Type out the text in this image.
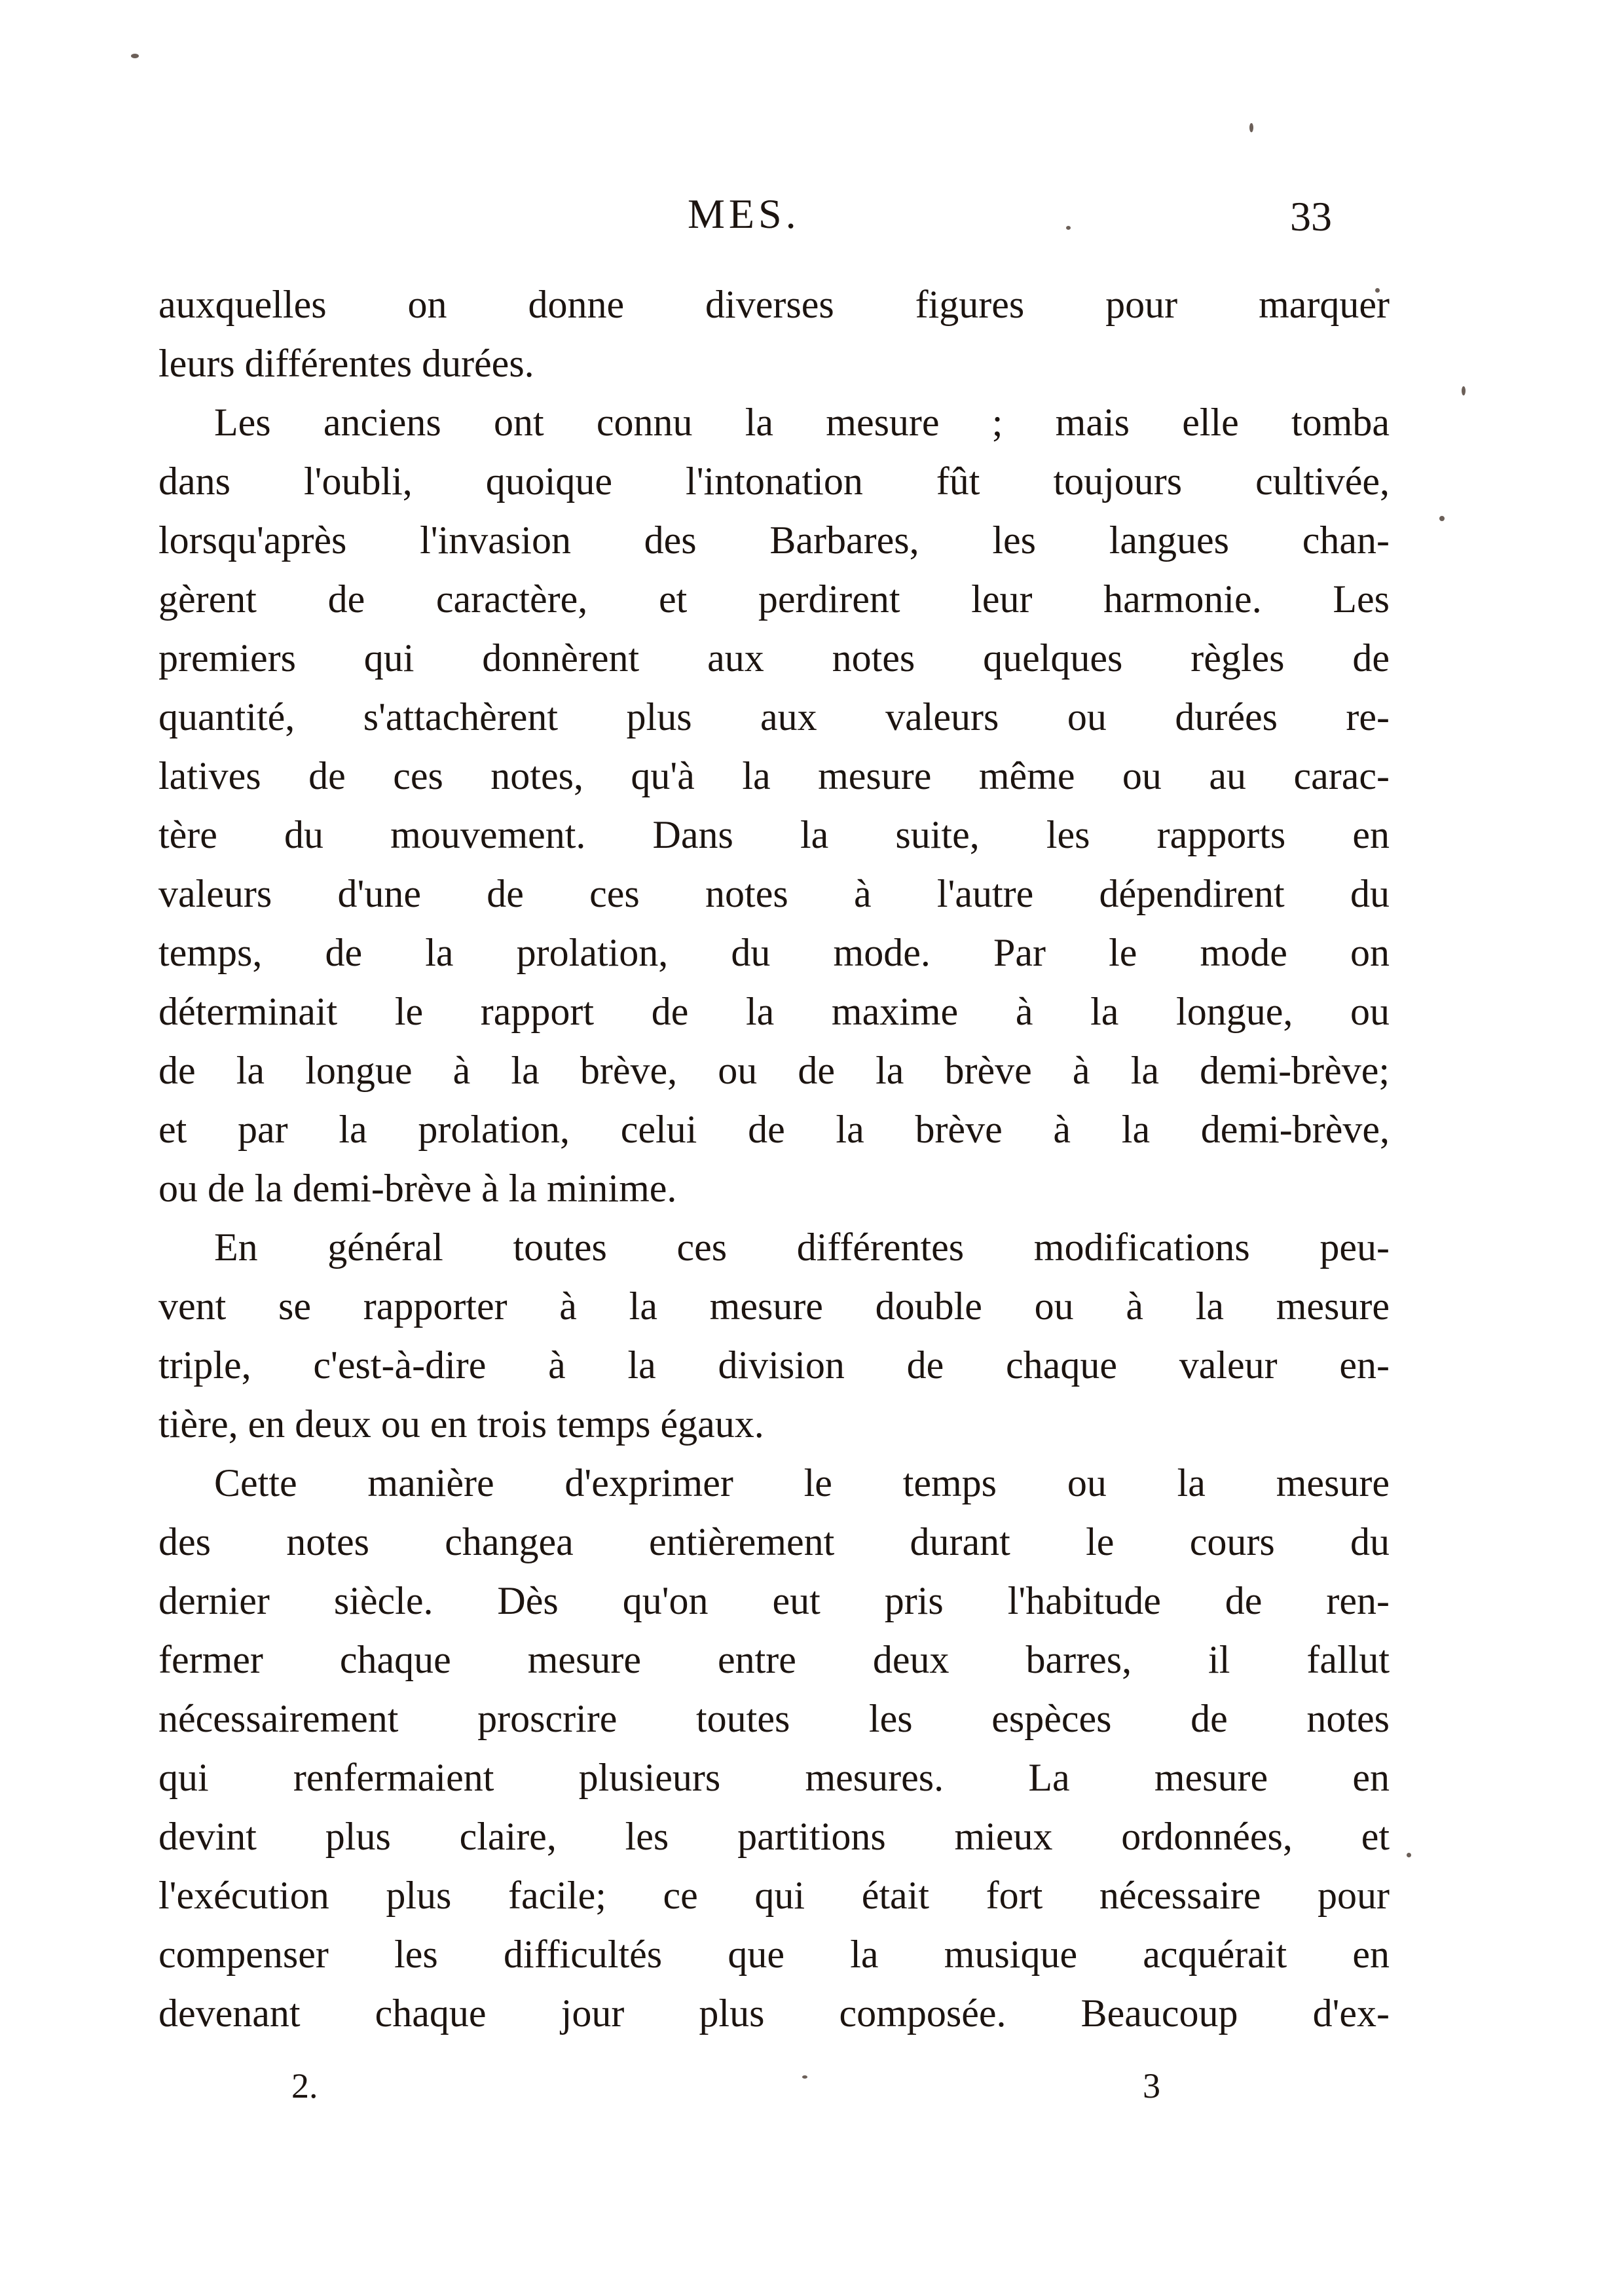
MES.	33
auxquelles on donne diverses figures pour marquer
leurs différentes durées.
Les anciens ont connu la mesure ; mais elle tomba
dans l'oubli, quoique l'intonation fût toujours cultivée,
lorsqu'après l'invasion des Barbares, les langues chan-
gèrent de caractère, et perdirent leur harmonie. Les
premiers qui donnèrent aux notes quelques règles de
quantité, s'attachèrent plus aux valeurs ou durées re-
latives de ces notes, qu'à la mesure même ou au carac-
tère du mouvement. Dans la suite, les rapports en
valeurs d'une de ces notes à l'autre dépendirent du
temps, de la prolation, du mode. Par le mode on
déterminait le rapport de la maxime à la longue, ou
de la longue à la brève, ou de la brève à la demi-brève;
et par la prolation, celui de la brève à la demi-brève,
ou de la demi-brève à la minime.
En général toutes ces différentes modifications peu-
vent se rapporter à la mesure double ou à la mesure
triple, c'est-à-dire à la division de chaque valeur en-
tière, en deux ou en trois temps égaux.
Cette manière d'exprimer le temps ou la mesure
des notes changea entièrement durant le cours du
dernier siècle. Dès qu'on eut pris l'habitude de ren-
fermer chaque mesure entre deux barres, il fallut
nécessairement proscrire toutes les espèces de notes
qui renfermaient plusieurs mesures. La mesure en
devint plus claire, les partitions mieux ordonnées, et
l'exécution plus facile; ce qui était fort nécessaire pour
compenser les difficultés que la musique acquérait en
devenant chaque jour plus composée. Beaucoup d'ex-
2.	3
